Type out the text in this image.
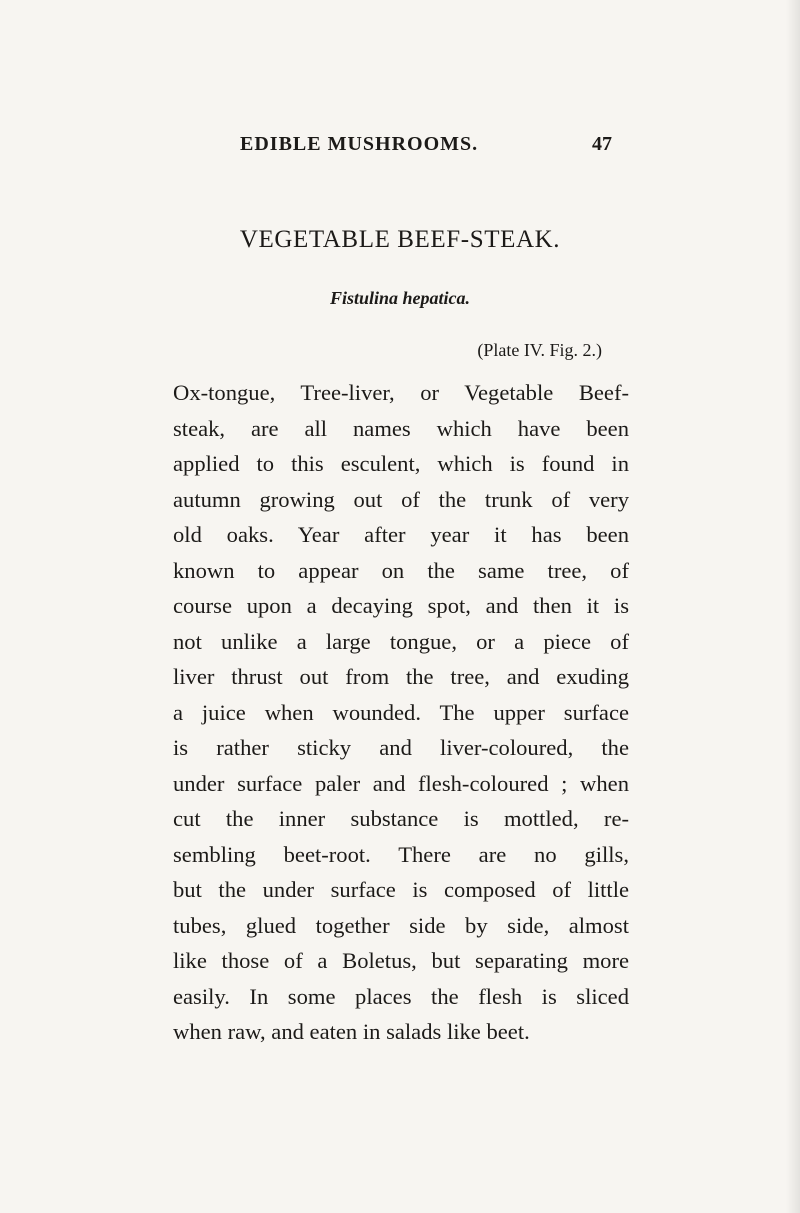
EDIBLE MUSHROOMS.	47
VEGETABLE BEEF-STEAK.
Fistulina hepatica.
(Plate IV. Fig. 2.)
Ox-tongue, Tree-liver, or Vegetable Beef-
steak, are all names which have been
applied to this esculent, which is found in
autumn growing out of the trunk of very
old oaks. Year after year it has been
known to appear on the same tree, of
course upon a decaying spot, and then it is
not unlike a large tongue, or a piece of
liver thrust out from the tree, and exuding
a juice when wounded. The upper surface
is rather sticky and liver-coloured, the
under surface paler and flesh-coloured ; when
cut the inner substance is mottled, re-
sembling beet-root. There are no gills,
but the under surface is composed of little
tubes, glued together side by side, almost
like those of a Boletus, but separating more
easily. In some places the flesh is sliced
when raw, and eaten in salads like beet.
